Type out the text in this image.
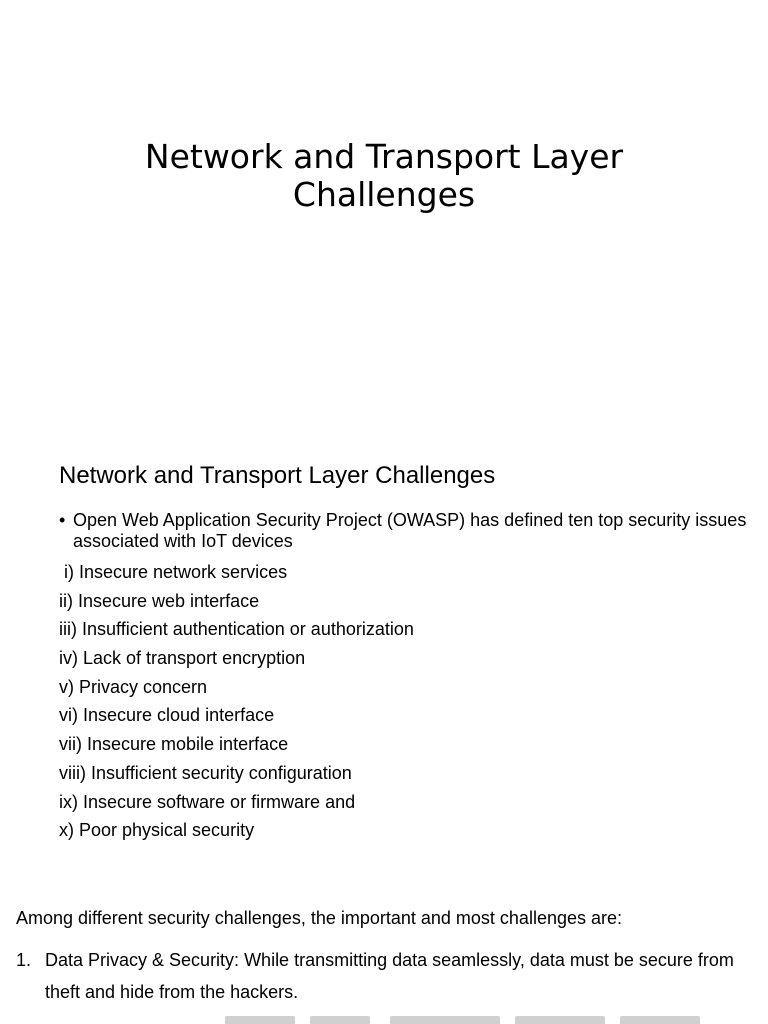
Network and Transport Layer
Challenges
Network and Transport Layer Challenges
• Open Web Application Security Project (OWASP) has defined ten top security issues associated with IoT devices
i) Insecure network services
ii) Insecure web interface
iii) Insufficient authentication or authorization
iv) Lack of transport encryption
v) Privacy concern
vi) Insecure cloud interface
vii) Insecure mobile interface
viii) Insufficient security configuration
ix) Insecure software or firmware and
x) Poor physical security
Among different security challenges, the important and most challenges are:
1. Data Privacy & Security: While transmitting data seamlessly, data must be secure from theft and hide from the hackers.
